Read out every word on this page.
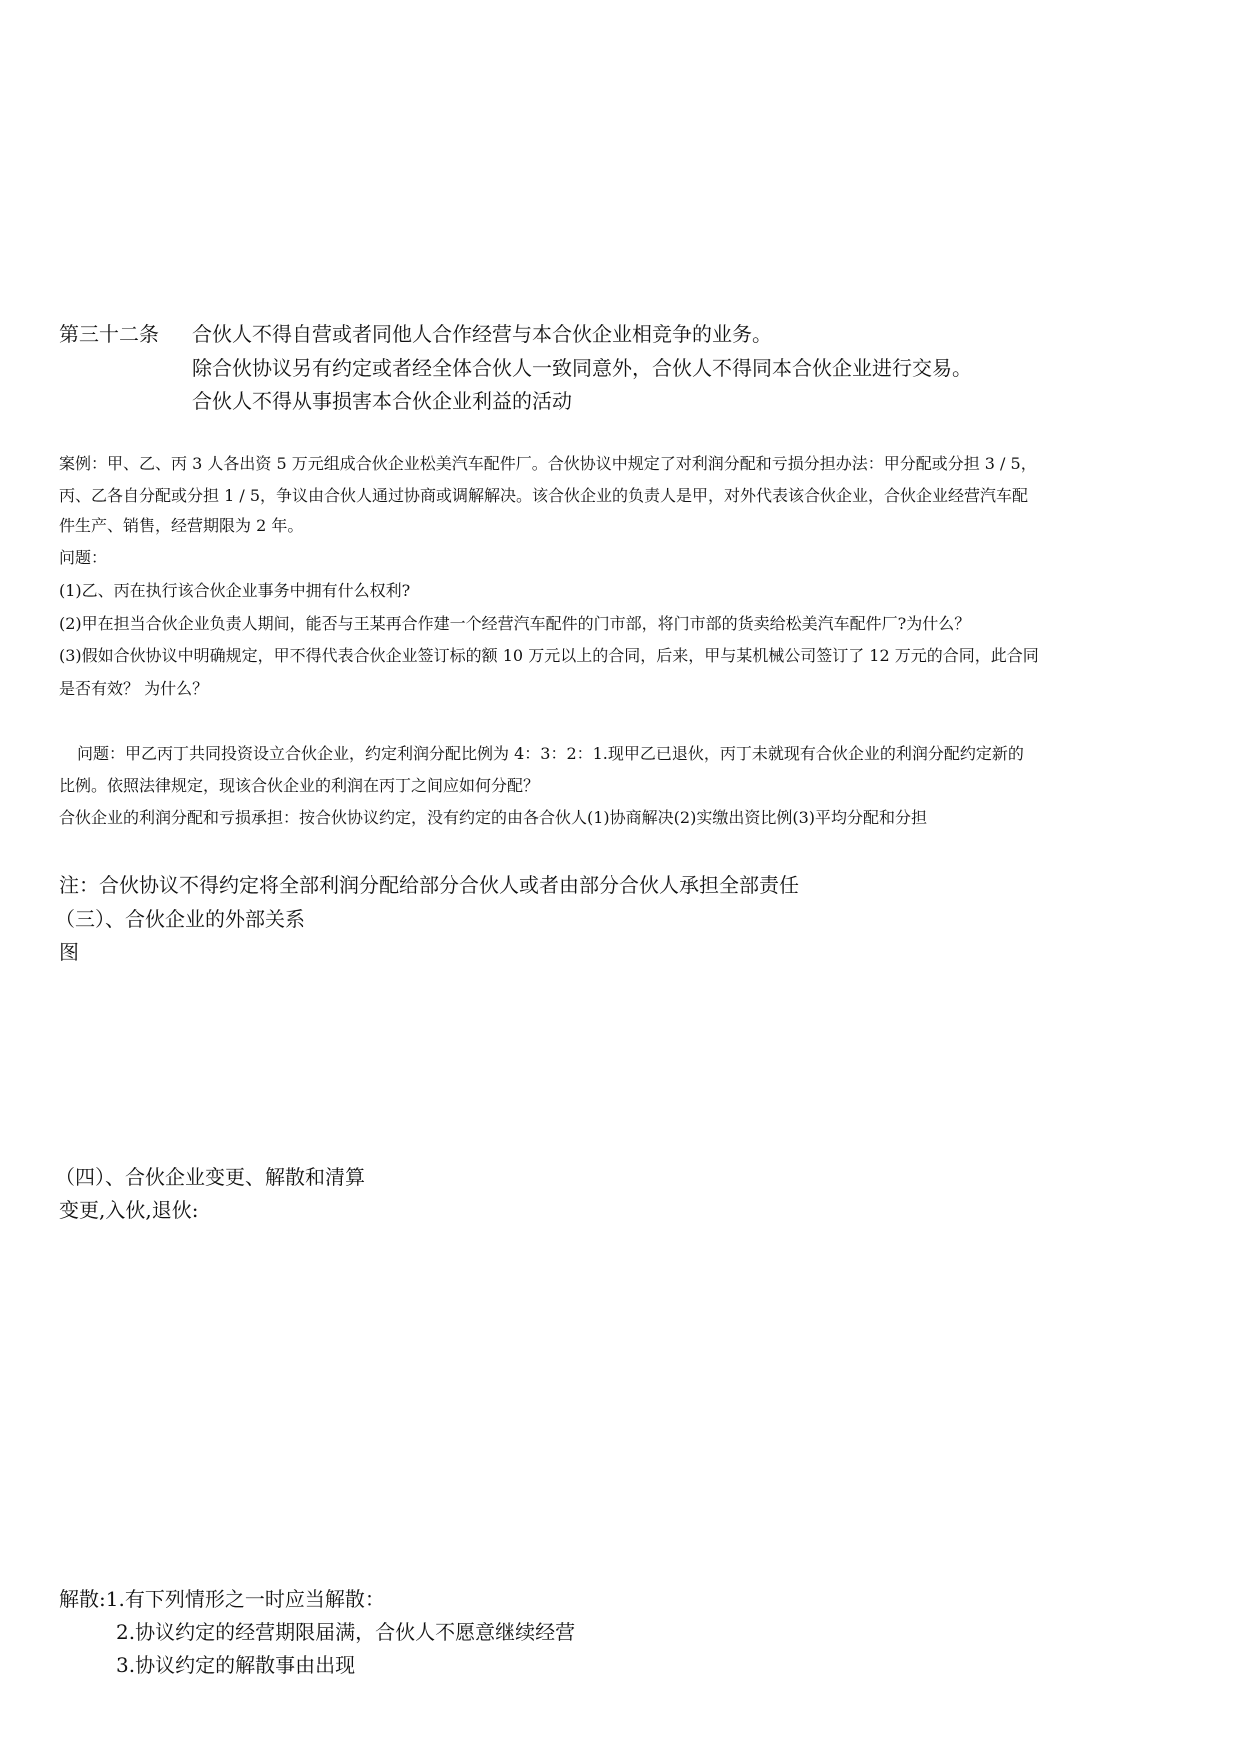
第三十二条 合伙人不得自营或者同他人合作经营与本合伙企业相竞争的业务。
除合伙协议另有约定或者经全体合伙人一致同意外，合伙人不得同本合伙企业进行交易。
合伙人不得从事损害本合伙企业利益的活动
案例：甲、乙、丙 3 人各出资 5 万元组成合伙企业松美汽车配件厂。合伙协议中规定了对利润分配和亏损分担办法：甲分配或分担 3 / 5，
丙、乙各自分配或分担 1 / 5，争议由合伙人通过协商或调解解决。该合伙企业的负责人是甲，对外代表该合伙企业，合伙企业经营汽车配
件生产、销售，经营期限为 2 年。
问题：
(1)乙、丙在执行该合伙企业事务中拥有什么权利?
(2)甲在担当合伙企业负责人期间，能否与王某再合作建一个经营汽车配件的门市部，将门市部的货卖给松美汽车配件厂?为什么？
(3)假如合伙协议中明确规定，甲不得代表合伙企业签订标的额 10 万元以上的合同，后来，甲与某机械公司签订了 12 万元的合同，此合同
是否有效？ 为什么？
问题：甲乙丙丁共同投资设立合伙企业，约定利润分配比例为 4：3：2：1.现甲乙已退伙，丙丁未就现有合伙企业的利润分配约定新的
比例。依照法律规定，现该合伙企业的利润在丙丁之间应如何分配？
合伙企业的利润分配和亏损承担：按合伙协议约定，没有约定的由各合伙人(1)协商解决(2)实缴出资比例(3)平均分配和分担
注：合伙协议不得约定将全部利润分配给部分合伙人或者由部分合伙人承担全部责任
（三）、合伙企业的外部关系
图
（四）、合伙企业变更、解散和清算
变更,入伙,退伙:
解散:1.有下列情形之一时应当解散：
2.协议约定的经营期限届满，合伙人不愿意继续经营
3.协议约定的解散事由出现
